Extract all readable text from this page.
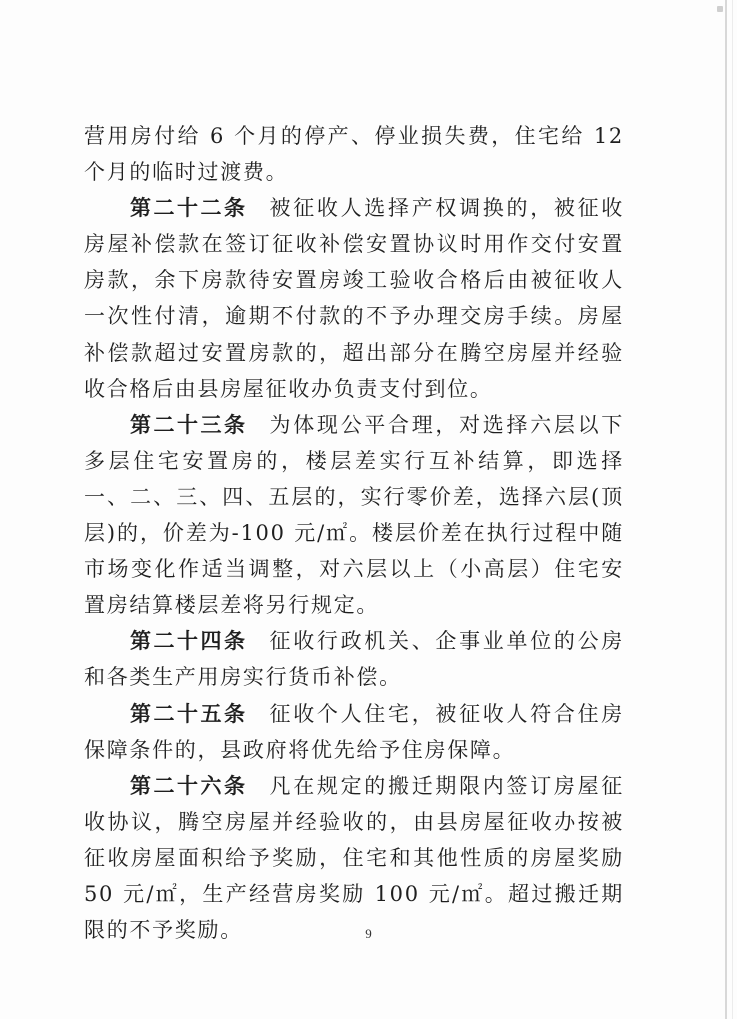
营用房付给 6 个月的停产、停业损失费，住宅给 12 个月的临时过渡费。

第二十二条 被征收人选择产权调换的，被征收房屋补偿款在签订征收补偿安置协议时用作交付安置房款，余下房款待安置房竣工验收合格后由被征收人一次性付清，逾期不付款的不予办理交房手续。房屋补偿款超过安置房款的，超出部分在腾空房屋并经验收合格后由县房屋征收办负责支付到位。

第二十三条 为体现公平合理，对选择六层以下多层住宅安置房的，楼层差实行互补结算，即选择一、二、三、四、五层的，实行零价差，选择六层(顶层)的，价差为-100 元/㎡。楼层价差在执行过程中随市场变化作适当调整，对六层以上（小高层）住宅安置房结算楼层差将另行规定。

第二十四条 征收行政机关、企事业单位的公房和各类生产用房实行货币补偿。

第二十五条 征收个人住宅，被征收人符合住房保障条件的，县政府将优先给予住房保障。

第二十六条 凡在规定的搬迁期限内签订房屋征收协议，腾空房屋并经验收的，由县房屋征收办按被征收房屋面积给予奖励，住宅和其他性质的房屋奖励 50 元/㎡，生产经营房奖励 100 元/㎡。超过搬迁期限的不予奖励。	9
